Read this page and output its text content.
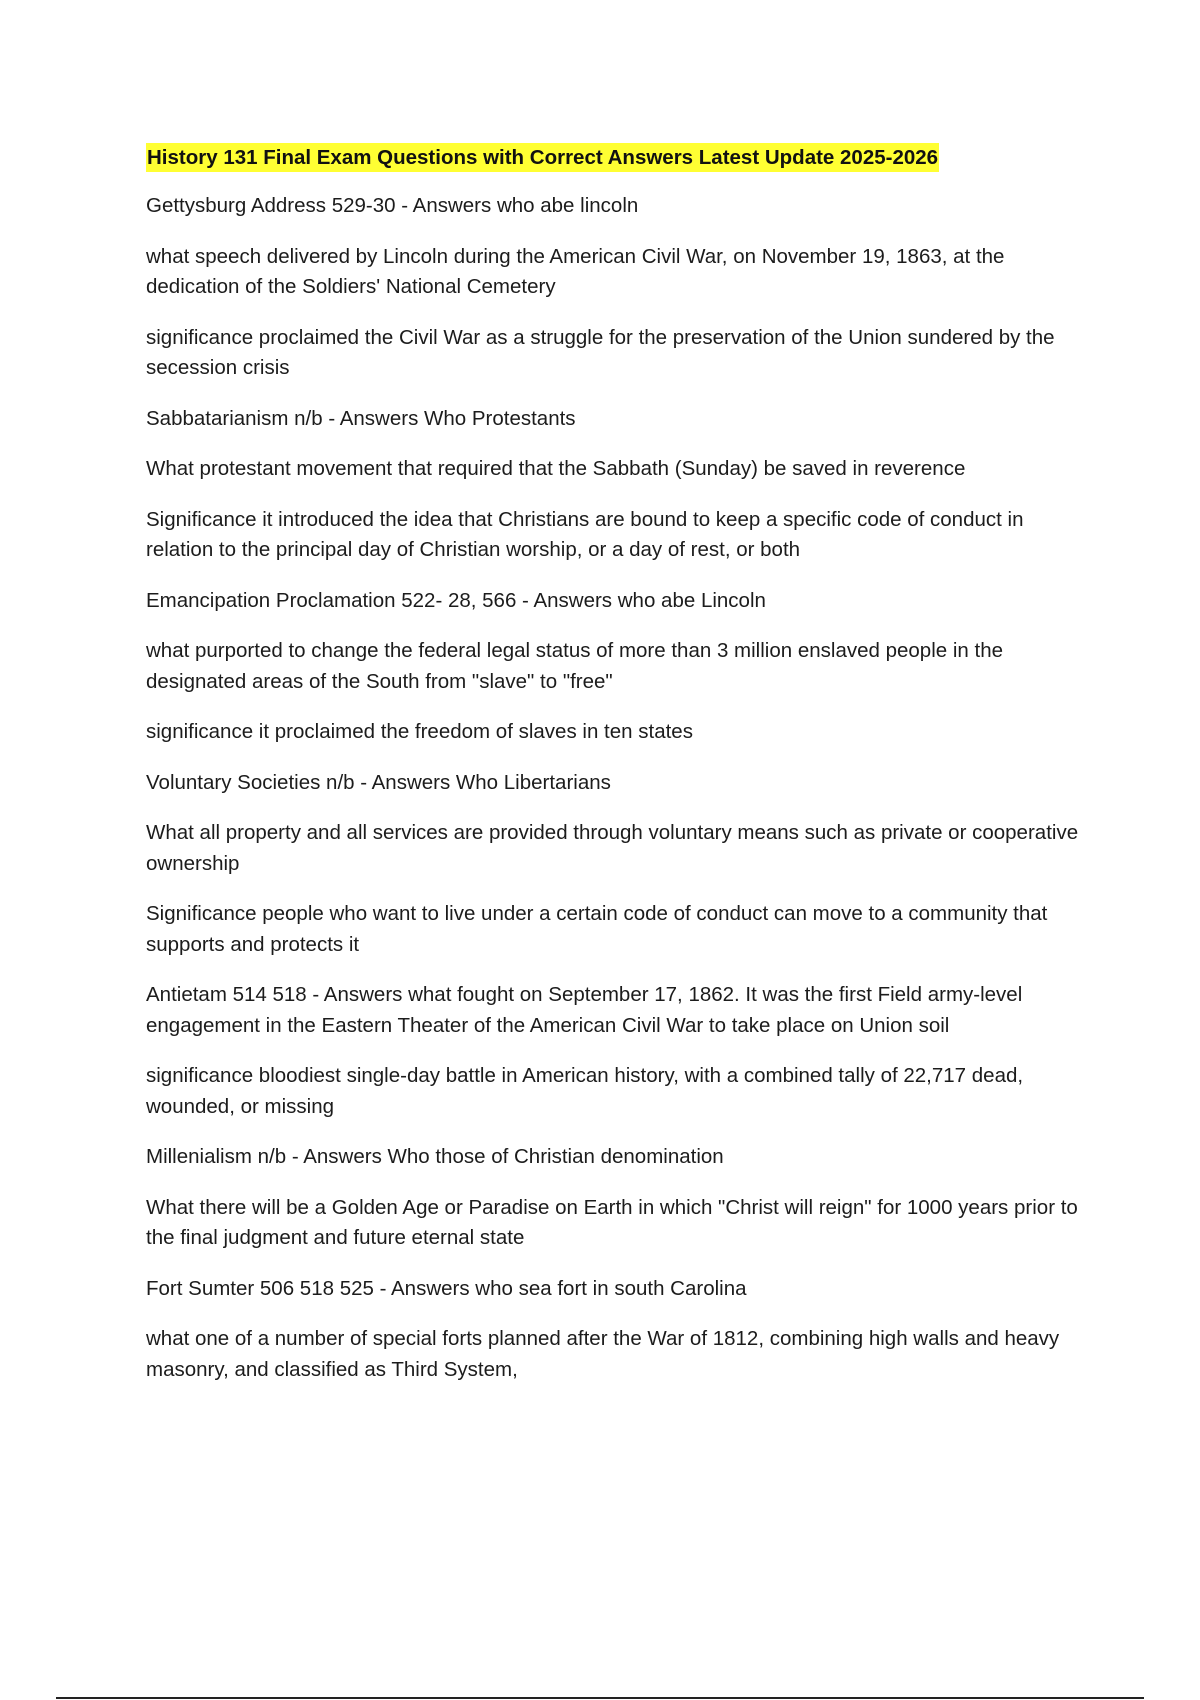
History 131 Final Exam Questions with Correct Answers Latest Update 2025-2026

Gettysburg Address 529-30 - Answers who abe lincoln

what speech delivered by Lincoln during the American Civil War, on November 19, 1863, at the dedication of the Soldiers' National Cemetery

significance proclaimed the Civil War as a struggle for the preservation of the Union sundered by the secession crisis

Sabbatarianism n/b - Answers Who Protestants

What protestant movement that required that the Sabbath (Sunday) be saved in reverence

Significance it introduced the idea that Christians are bound to keep a specific code of conduct in relation to the principal day of Christian worship, or a day of rest, or both

Emancipation Proclamation 522- 28, 566 - Answers who abe Lincoln

what purported to change the federal legal status of more than 3 million enslaved people in the designated areas of the South from "slave" to "free"

significance it proclaimed the freedom of slaves in ten states

Voluntary Societies n/b - Answers Who Libertarians

What all property and all services are provided through voluntary means such as private or cooperative ownership

Significance people who want to live under a certain code of conduct can move to a community that supports and protects it

Antietam 514 518 - Answers what fought on September 17, 1862. It was the first Field army-level engagement in the Eastern Theater of the American Civil War to take place on Union soil

significance bloodiest single-day battle in American history, with a combined tally of 22,717 dead, wounded, or missing

Millenialism n/b - Answers Who those of Christian denomination

What there will be a Golden Age or Paradise on Earth in which "Christ will reign" for 1000 years prior to the final judgment and future eternal state

Fort Sumter 506 518 525 - Answers who sea fort in south Carolina

what one of a number of special forts planned after the War of 1812, combining high walls and heavy masonry, and classified as Third System,
